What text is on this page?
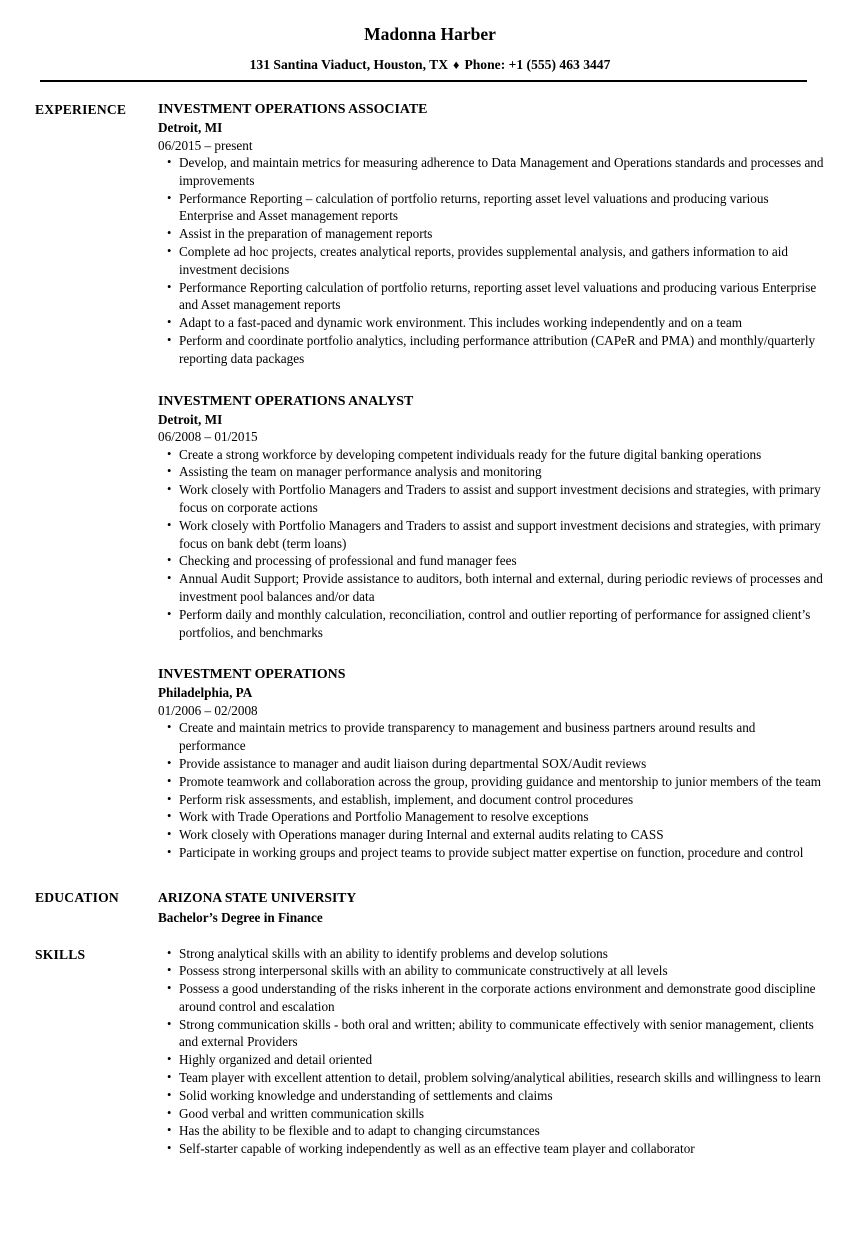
Madonna Harber
131 Santina Viaduct, Houston, TX ♦ Phone: +1 (555) 463 3447
EXPERIENCE	INVESTMENT OPERATIONS ASSOCIATE
Detroit, MI
06/2015 – present
• Develop, and maintain metrics for measuring adherence to Data Management and Operations standards and processes and improvements
• Performance Reporting – calculation of portfolio returns, reporting asset level valuations and producing various Enterprise and Asset management reports
• Assist in the preparation of management reports
• Complete ad hoc projects, creates analytical reports, provides supplemental analysis, and gathers information to aid investment decisions
• Performance Reporting calculation of portfolio returns, reporting asset level valuations and producing various Enterprise and Asset management reports
• Adapt to a fast-paced and dynamic work environment. This includes working independently and on a team
• Perform and coordinate portfolio analytics, including performance attribution (CAPeR and PMA) and monthly/quarterly reporting data packages
INVESTMENT OPERATIONS ANALYST
Detroit, MI
06/2008 – 01/2015
• Create a strong workforce by developing competent individuals ready for the future digital banking operations
• Assisting the team on manager performance analysis and monitoring
• Work closely with Portfolio Managers and Traders to assist and support investment decisions and strategies, with primary focus on corporate actions
• Work closely with Portfolio Managers and Traders to assist and support investment decisions and strategies, with primary focus on bank debt (term loans)
• Checking and processing of professional and fund manager fees
• Annual Audit Support; Provide assistance to auditors, both internal and external, during periodic reviews of processes and investment pool balances and/or data
• Perform daily and monthly calculation, reconciliation, control and outlier reporting of performance for assigned client’s portfolios, and benchmarks
INVESTMENT OPERATIONS
Philadelphia, PA
01/2006 – 02/2008
• Create and maintain metrics to provide transparency to management and business partners around results and performance
• Provide assistance to manager and audit liaison during departmental SOX/Audit reviews
• Promote teamwork and collaboration across the group, providing guidance and mentorship to junior members of the team
• Perform risk assessments, and establish, implement, and document control procedures
• Work with Trade Operations and Portfolio Management to resolve exceptions
• Work closely with Operations manager during Internal and external audits relating to CASS
• Participate in working groups and project teams to provide subject matter expertise on function, procedure and control
EDUCATION	ARIZONA STATE UNIVERSITY
Bachelor’s Degree in Finance
SKILLS	• Strong analytical skills with an ability to identify problems and develop solutions
• Possess strong interpersonal skills with an ability to communicate constructively at all levels
• Possess a good understanding of the risks inherent in the corporate actions environment and demonstrate good discipline around control and escalation
• Strong communication skills - both oral and written; ability to communicate effectively with senior management, clients and external Providers
• Highly organized and detail oriented
• Team player with excellent attention to detail, problem solving/analytical abilities, research skills and willingness to learn
• Solid working knowledge and understanding of settlements and claims
• Good verbal and written communication skills
• Has the ability to be flexible and to adapt to changing circumstances
• Self-starter capable of working independently as well as an effective team player and collaborator
